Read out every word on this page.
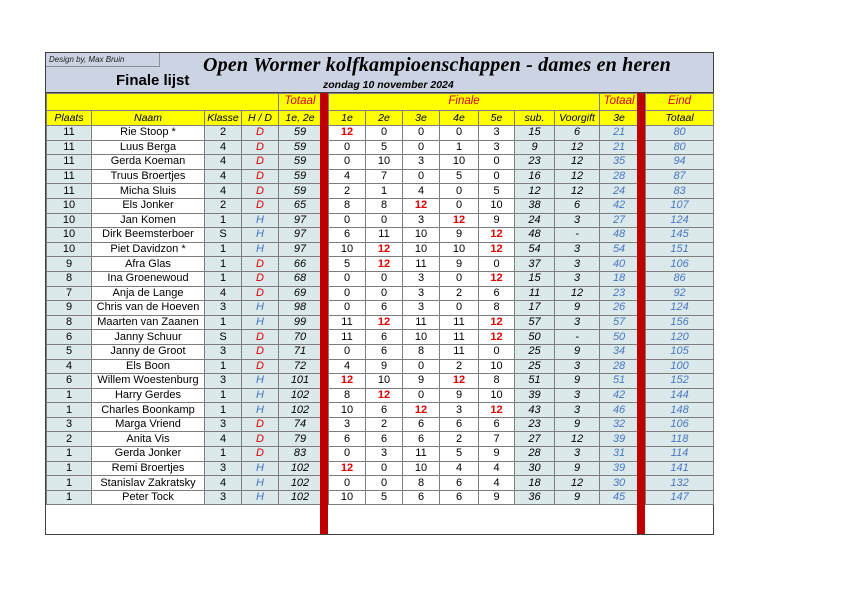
Design by, Max Bruin	Open Wormer kolfkampioenschappen - dames en heren
Finale lijst	zondag 10 november 2024
				Totaal		Finale							Totaal		Eind
Plaats	Naam	Klasse	H / D	1e, 2e		1e	2e	3e	4e	5e	sub.	Voorgift	3e		Totaal
11	Rie Stoop *	2	D	59		12	0	0	0	3	15	6	21		80
11	Luus Berga	4	D	59		0	5	0	1	3	9	12	21		80
11	Gerda Koeman	4	D	59		0	10	3	10	0	23	12	35		94
11	Truus Broertjes	4	D	59		4	7	0	5	0	16	12	28		87
11	Micha Sluis	4	D	59		2	1	4	0	5	12	12	24		83
10	Els Jonker	2	D	65		8	8	12	0	10	38	6	42		107
10	Jan Komen	1	H	97		0	0	3	12	9	24	3	27		124
10	Dirk Beemsterboer	S	H	97		6	11	10	9	12	48	-	48		145
10	Piet Davidzon *	1	H	97		10	12	10	10	12	54	3	54		151
9	Afra Glas	1	D	66		5	12	11	9	0	37	3	40		106
8	Ina Groenewoud	1	D	68		0	0	3	0	12	15	3	18		86
7	Anja de Lange	4	D	69		0	0	3	2	6	11	12	23		92
9	Chris van de Hoeven	3	H	98		0	6	3	0	8	17	9	26		124
8	Maarten van Zaanen	1	H	99		11	12	11	11	12	57	3	57		156
6	Janny Schuur	S	D	70		11	6	10	11	12	50	-	50		120
5	Janny de Groot	3	D	71		0	6	8	11	0	25	9	34		105
4	Els Boon	1	D	72		4	9	0	2	10	25	3	28		100
6	Willem Woestenburg	3	H	101		12	10	9	12	8	51	9	51		152
1	Harry Gerdes	1	H	102		8	12	0	9	10	39	3	42		144
1	Charles Boonkamp	1	H	102		10	6	12	3	12	43	3	46		148
3	Marga Vriend	3	D	74		3	2	6	6	6	23	9	32		106
2	Anita Vis	4	D	79		6	6	6	2	7	27	12	39		118
1	Gerda Jonker	1	D	83		0	3	11	5	9	28	3	31		114
1	Remi Broertjes	3	H	102		12	0	10	4	4	30	9	39		141
1	Stanislav Zakratsky	4	H	102		0	0	8	6	4	18	12	30		132
1	Peter Tock	3	H	102		10	5	6	6	9	36	9	45		147
